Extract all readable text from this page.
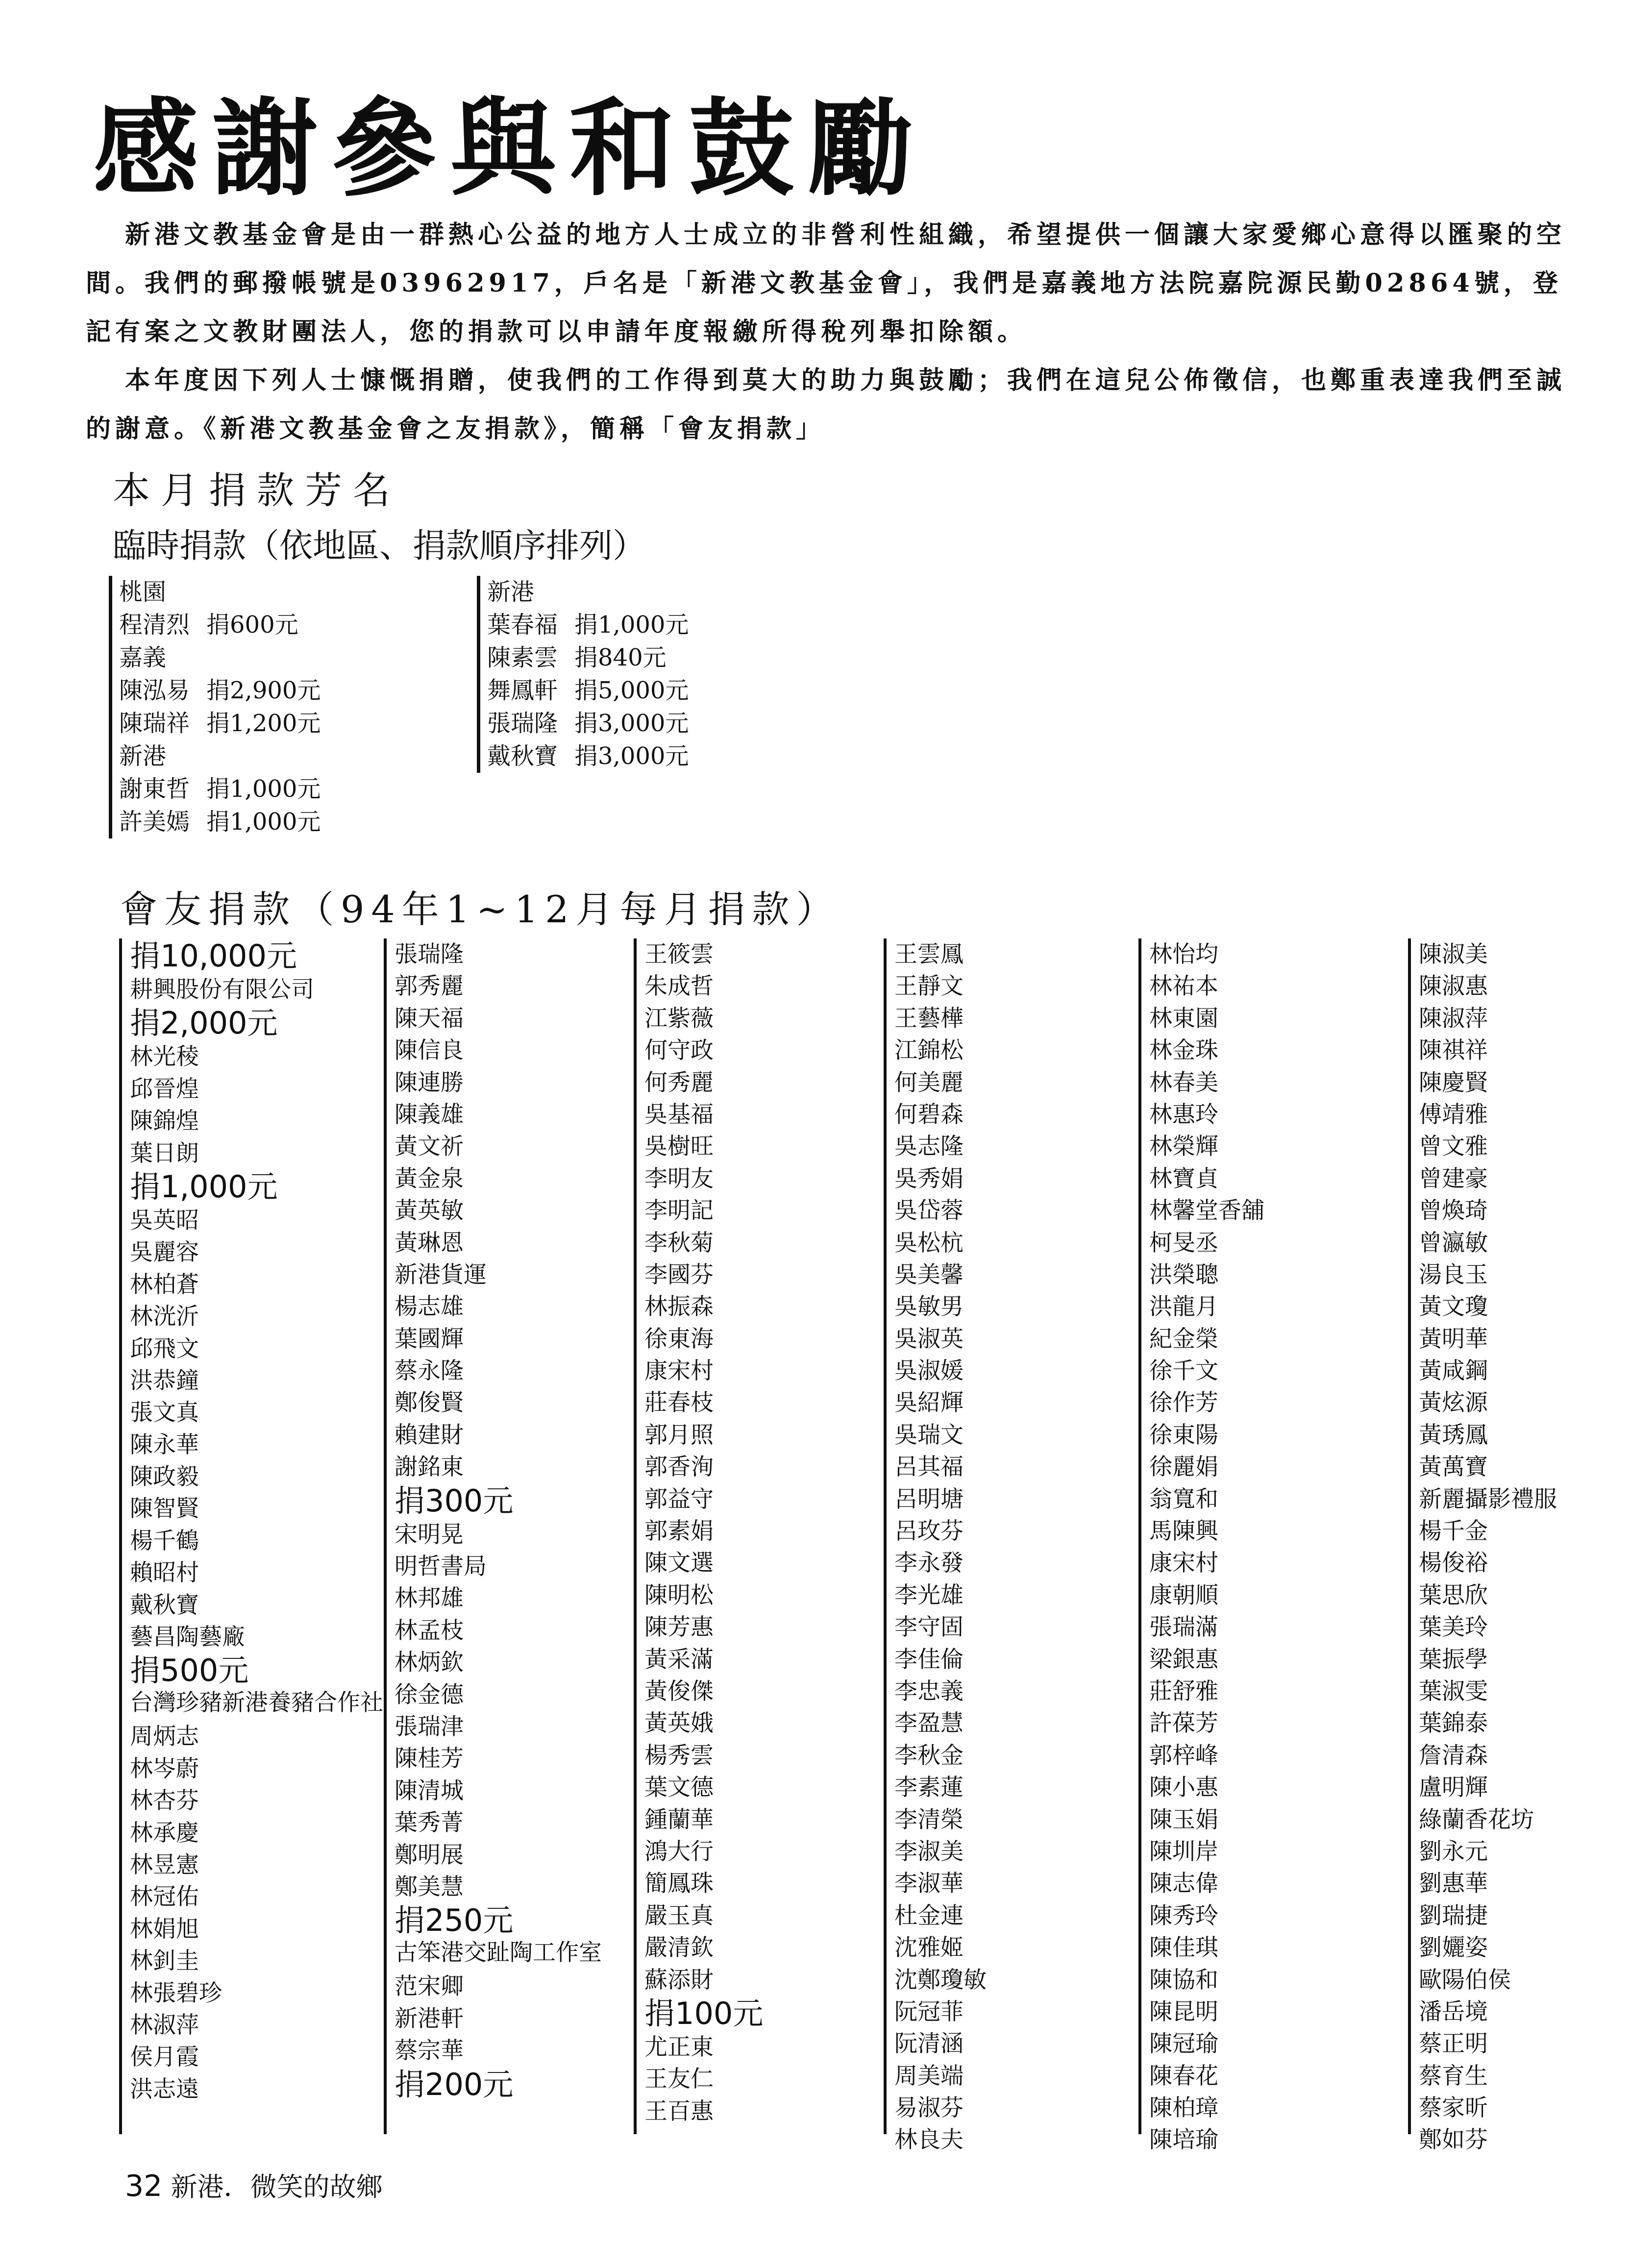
感謝參與和鼓勵

新港文教基金會是由一群熱心公益的地方人士成立的非營利性組織，希望提供一個讓大家愛鄉心意得以匯聚的空間。我們的郵撥帳號是03962917，戶名是「新港文教基金會」，我們是嘉義地方法院嘉院源民勤02864號，登記有案之文教財團法人，您的捐款可以申請年度報繳所得稅列舉扣除額。

本年度因下列人士慷慨捐贈，使我們的工作得到莫大的助力與鼓勵；我們在這兒公佈徵信，也鄭重表達我們至誠的謝意。《新港文教基金會之友捐款》，簡稱「會友捐款」

本月捐款芳名
臨時捐款（依地區、捐款順序排列）
桃園
程清烈 捐600元
嘉義
陳泓易 捐2,900元
陳瑞祥 捐1,200元
新港
謝東哲 捐1,000元
許美嫣 捐1,000元
新港
葉春福 捐1,000元
陳素雲 捐840元
舞鳳軒 捐5,000元
張瑞隆 捐3,000元
戴秋寶 捐3,000元
會友捐款（94年1~12月每月捐款）
捐10,000元
耕興股份有限公司
捐2,000元
林光稜
邱晉煌
陳錦煌
葉日朗
捐1,000元
吳英昭
吳麗容
林柏蒼
林洸沂
邱飛文
洪恭鐘
張文真
陳永華
陳政毅
陳智賢
楊千鶴
賴昭村
戴秋寶
藝昌陶藝廠
捐500元
台灣珍豬新港養豬合作社
周炳志
林岑蔚
林杏芬
林承慶
林昱憲
林冠佑
林娟旭
林釗圭
林張碧珍
林淑萍
侯月霞
洪志遠
張瑞隆
郭秀麗
陳天福
陳信良
陳連勝
陳義雄
黃文祈
黃金泉
黃英敏
黃琳恩
新港貨運
楊志雄
葉國輝
蔡永隆
鄭俊賢
賴建財
謝銘東
捐300元
宋明晃
明哲書局
林邦雄
林孟枝
林炳欽
徐金德
張瑞津
陳桂芳
陳清城
葉秀菁
鄭明展
鄭美慧
捐250元
古笨港交趾陶工作室
范宋卿
新港軒
蔡宗華
捐200元
王筱雲
朱成哲
江紫薇
何守政
何秀麗
吳基福
吳樹旺
李明友
李明記
李秋菊
李國芬
林振森
徐東海
康宋村
莊春枝
郭月照
郭香洵
郭益守
郭素娟
陳文選
陳明松
陳芳惠
黃采滿
黃俊傑
黃英娥
楊秀雲
葉文德
鍾蘭華
鴻大行
簡鳳珠
嚴玉真
嚴清欽
蘇添財
捐100元
尤正東
王友仁
王百惠
王雲鳳
王靜文
王藝樺
江錦松
何美麗
何碧森
吳志隆
吳秀娟
吳岱蓉
吳松杭
吳美馨
吳敏男
吳淑英
吳淑媛
吳紹輝
吳瑞文
呂其福
呂明塘
呂玫芬
李永發
李光雄
李守固
李佳倫
李忠義
李盈慧
李秋金
李素蓮
李清榮
李淑美
李淑華
杜金連
沈雅姬
沈鄭瓊敏
阮冠菲
阮清涵
周美端
易淑芬
林良夫
林怡均
林祐本
林東園
林金珠
林春美
林惠玲
林榮輝
林寶貞
林馨堂香舖
柯旻丞
洪榮聰
洪龍月
紀金榮
徐千文
徐作芳
徐東陽
徐麗娟
翁寬和
馬陳興
康宋村
康朝順
張瑞滿
梁銀惠
莊舒雅
許葆芳
郭梓峰
陳小惠
陳玉娟
陳圳岸
陳志偉
陳秀玲
陳佳琪
陳協和
陳昆明
陳冠瑜
陳春花
陳柏璋
陳培瑜
陳淑美
陳淑惠
陳淑萍
陳祺祥
陳慶賢
傅靖雅
曾文雅
曾建豪
曾煥琦
曾瀛敏
湯良玉
黃文瓊
黃明華
黃咸鋼
黃炫源
黃琇鳳
黃萬寶
新麗攝影禮服
楊千金
楊俊裕
葉思欣
葉美玲
葉振學
葉淑雯
葉錦泰
詹清森
盧明輝
綠蘭香花坊
劉永元
劉惠華
劉瑞捷
劉孋姿
歐陽伯侯
潘岳境
蔡正明
蔡育生
蔡家昕
鄭如芬
32 新港．微笑的故鄉
